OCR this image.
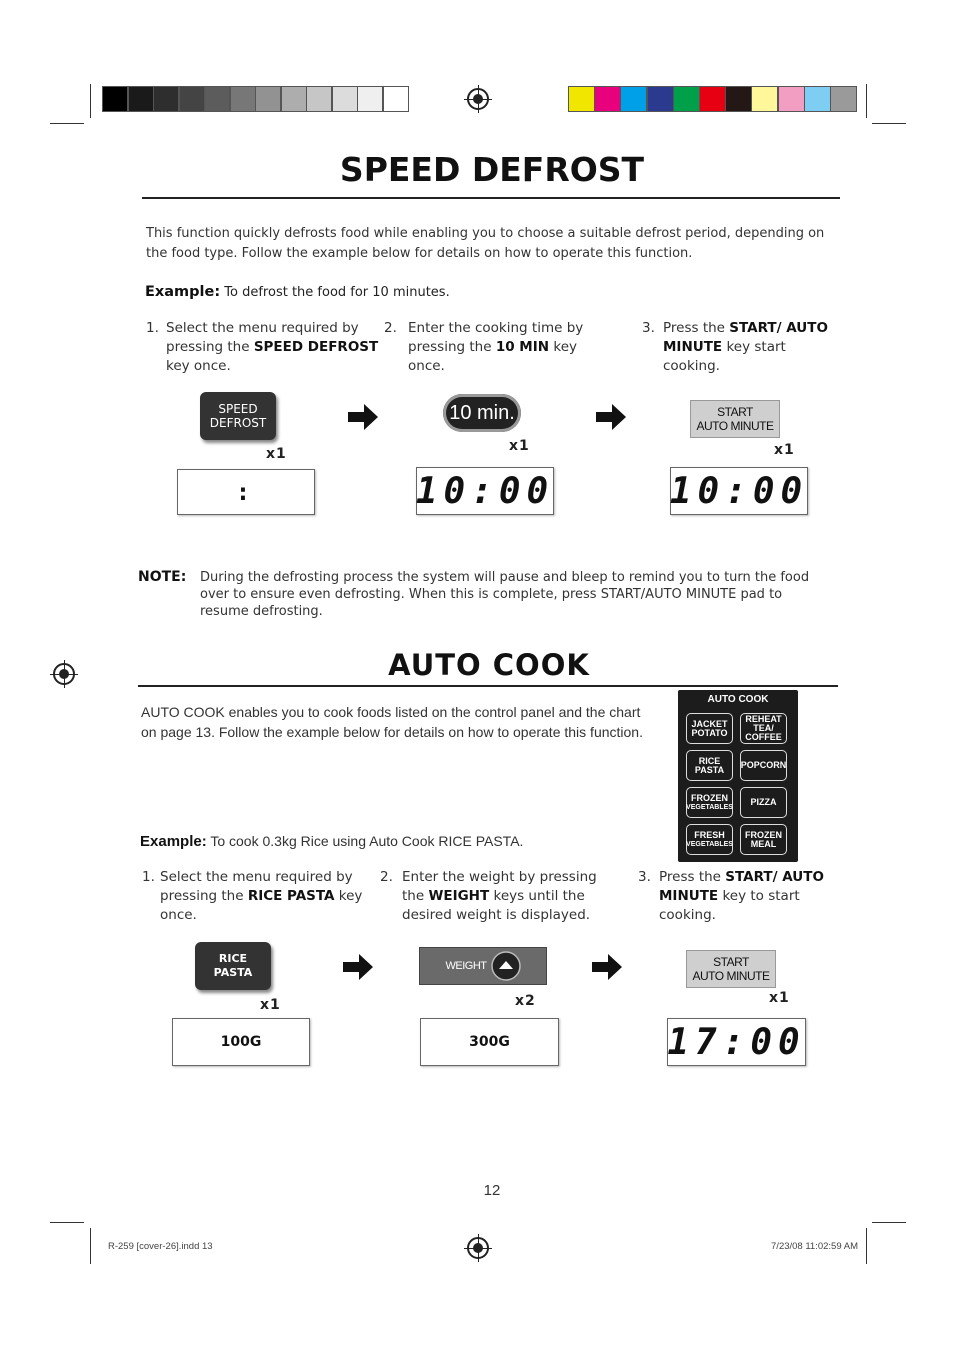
SPEED DEFROST
This function quickly defrosts food while enabling you to choose a suitable defrost period, depending on the food type. Follow the example below for details on how to operate this function.
Example: To defrost the food for 10 minutes.
1. Select the menu required by pressing the SPEED DEFROST key once.
2. Enter the cooking time by pressing the 10 MIN key once.
3. Press the START/ AUTO MINUTE key start cooking.
SPEED
DEFROST	10 min.	START
AUTO MINUTE
x1	x1	x1
:	10:00	10:00
NOTE:	During the defrosting process the system will pause and bleep to remind you to turn the food over to ensure even defrosting. When this is complete, press START/AUTO MINUTE pad to resume defrosting.
AUTO COOK
AUTO COOK enables you to cook foods listed on the control panel and the chart on page 13. Follow the example below for details on how to operate this function.
AUTO COOK
JACKET
POTATO
REHEAT
TEA/
COFFEE
RICE
PASTA POPCORN
FROZEN
VEGETABLES PIZZA
FRESH
VEGETABLES
FROZEN
MEAL
Example: To cook 0.3kg Rice using Auto Cook RICE PASTA.
1. Select the menu required by pressing the RICE PASTA key once.
2. Enter the weight by pressing the WEIGHT keys until the desired weight is displayed.
3. Press the START/ AUTO MINUTE key to start cooking.
RICE
PASTA	WEIGHT	START
AUTO MINUTE
x1	x2	x1
100G	300G	17:00
12
R-259 [cover-26].indd 13	7/23/08 11:02:59 AM
